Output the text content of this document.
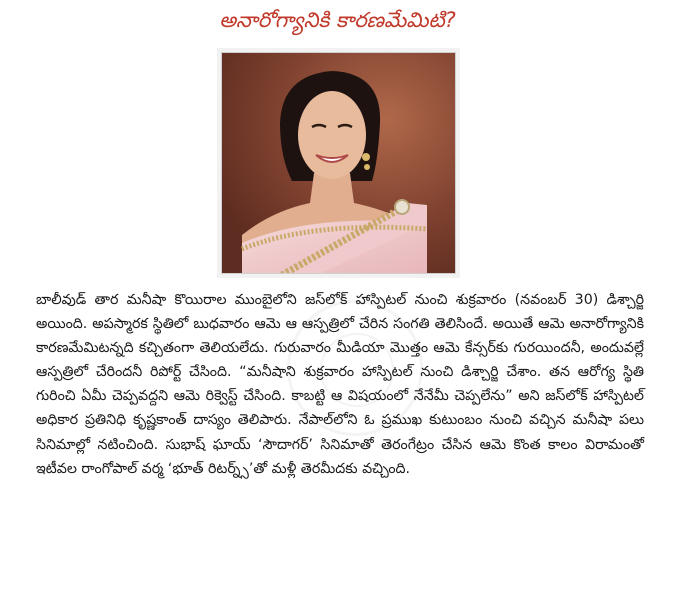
అనారోగ్యానికి కారణమేమిటి?

బాలీవుడ్ తార మనీషా కొయిరాల ముంబైలోని జస్‌లోక్ హాస్పిటల్ నుంచి శుక్రవారం (నవంబర్ 30) డిశ్చార్జి అయింది. అపస్మారక స్థితిలో బుధవారం ఆమె ఆ ఆస్పత్రిలో చేరిన సంగతి తెలిసిందే. అయితే ఆమె అనారోగ్యానికి కారణమేమిటన్నది కచ్చితంగా తెలియలేదు. గురువారం మీడియా మొత్తం ఆమె కేన్సర్‌కు గురయిందనీ, అందువల్లే ఆస్పత్రిలో చేరిందనీ రిపోర్ట్ చేసింది. “మనీషాని శుక్రవారం హాస్పిటల్ నుంచి డిశ్చార్జి చేశాం. తన ఆరోగ్య స్థితి గురించి ఏమీ చెప్పవద్దని ఆమె రిక్వెస్ట్ చేసింది. కాబట్టి ఆ విషయంలో నేనేమీ చెప్పలేను” అని జస్‌లోక్ హాస్పిటల్ అధికార ప్రతినిధి కృష్ణకాంత్ దాస్యం తెలిపారు. నేపాల్‌లోని ఓ ప్రముఖ కుటుంబం నుంచి వచ్చిన మనీషా పలు సినిమాల్లో నటించింది. సుభాష్ ఘాయ్ ‘సౌదాగర్’ సినిమాతో తెరంగేట్రం చేసిన ఆమె కొంత కాలం విరామంతో ఇటీవల రాంగోపాల్ వర్మ ‘భూత్ రిటర్న్స్’తో మళ్లీ తెరమీదకు వచ్చింది.
